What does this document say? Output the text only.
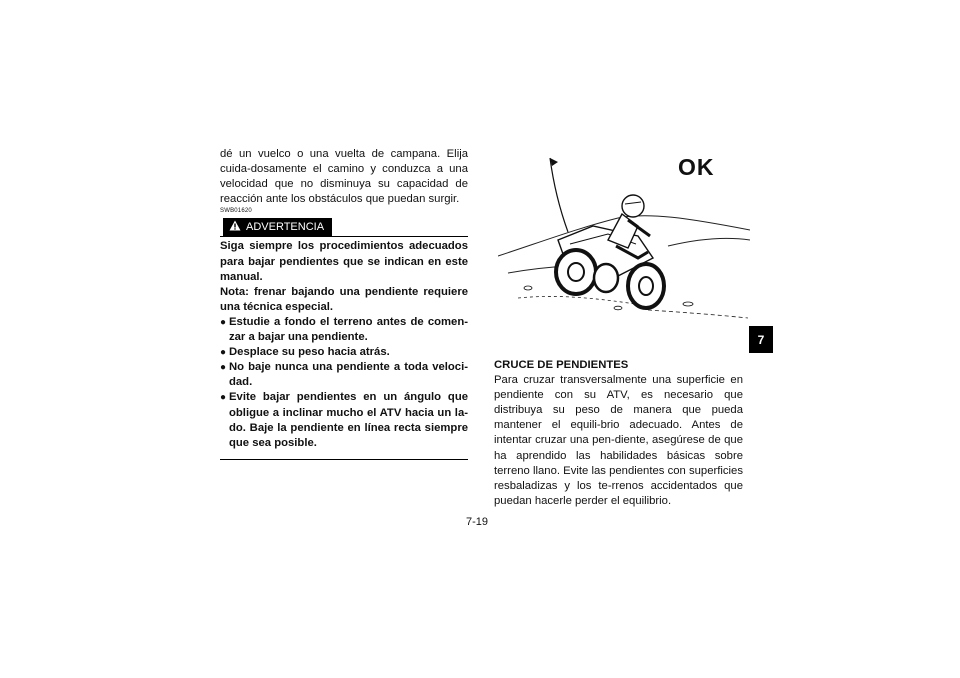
dé un vuelco o una vuelta de campana. Elija cuida-dosamente el camino y conduzca a una velocidad que no disminuya su capacidad de reacción ante los obstáculos que puedan surgir.
SWB01620
ADVERTENCIA

Siga siempre los procedimientos adecuados para bajar pendientes que se indican en este manual.

Nota: frenar bajando una pendiente requiere una técnica especial.

● Estudie a fondo el terreno antes de comen-zar a bajar una pendiente.
● Desplace su peso hacia atrás.
● No baje nunca una pendiente a toda veloci-dad.
● Evite bajar pendientes en un ángulo que obligue a inclinar mucho el ATV hacia un la-do. Baje la pendiente en línea recta siempre que sea posible.
OK
7
CRUCE DE PENDIENTES
Para cruzar transversalmente una superficie en pendiente con su ATV, es necesario que distribuya su peso de manera que pueda mantener el equili-brio adecuado. Antes de intentar cruzar una pen-diente, asegúrese de que ha aprendido las habilidades básicas sobre terreno llano. Evite las pendientes con superficies resbaladizas y los te-rrenos accidentados que puedan hacerle perder el equilibrio.
7-19
